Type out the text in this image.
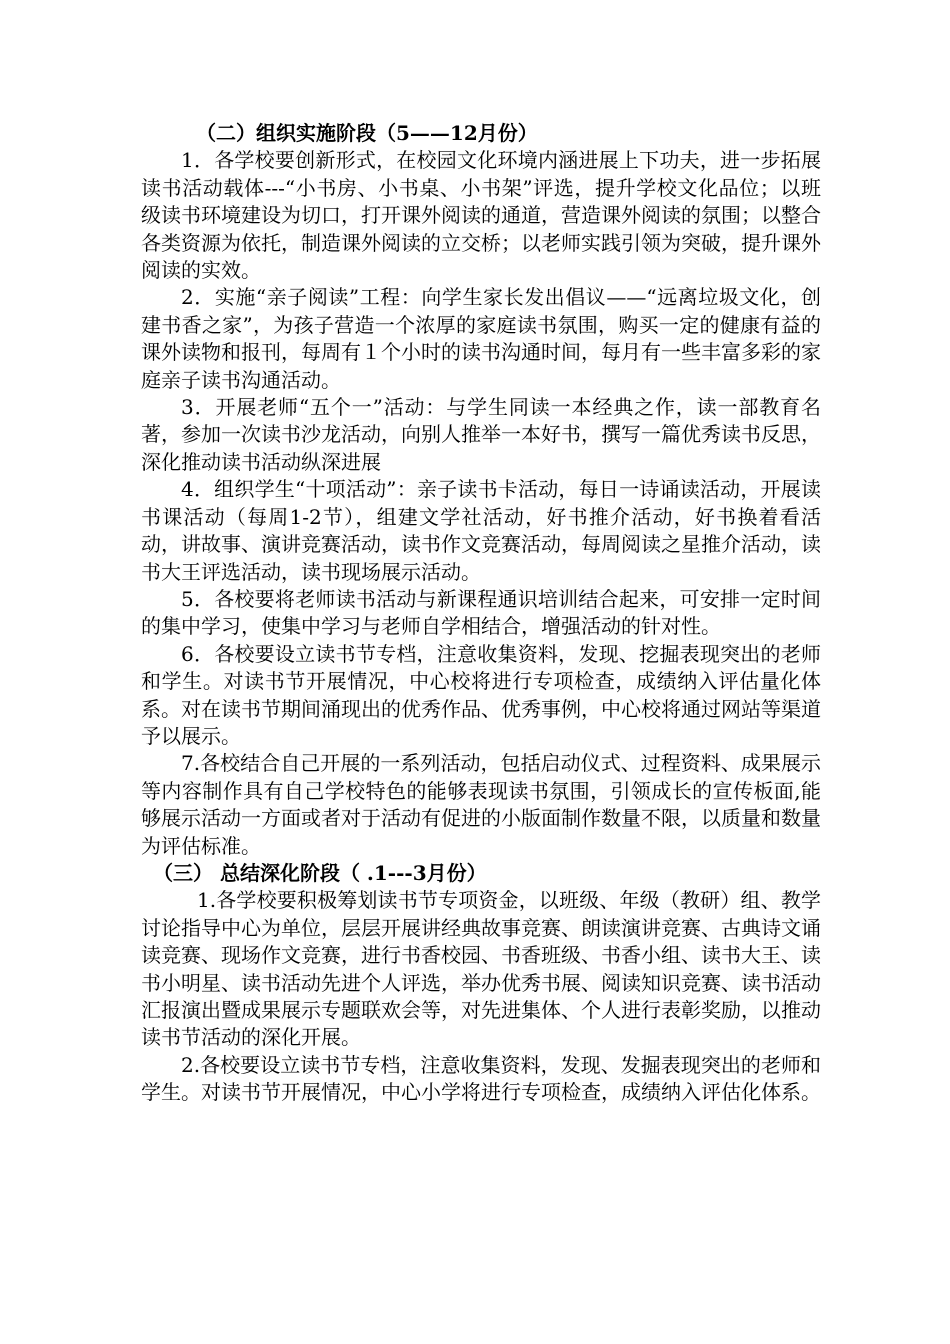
（二）组织实施阶段（5——12月份）

1．各学校要创新形式，在校园文化环境内涵进展上下功夫，进一步拓展读书活动载体---“小书房、小书桌、小书架”评选，提升学校文化品位；以班级读书环境建设为切口，打开课外阅读的通道，营造课外阅读的氛围；以整合各类资源为依托，制造课外阅读的立交桥；以老师实践引领为突破，提升课外阅读的实效。

2．实施“亲子阅读”工程：向学生家长发出倡议——“远离垃圾文化，创建书香之家”，为孩子营造一个浓厚的家庭读书氛围，购买一定的健康有益的课外读物和报刊，每周有１个小时的读书沟通时间，每月有一些丰富多彩的家庭亲子读书沟通活动。

3．开展老师“五个一”活动：与学生同读一本经典之作，读一部教育名著，参加一次读书沙龙活动，向别人推举一本好书，撰写一篇优秀读书反思，深化推动读书活动纵深进展

4．组织学生“十项活动”：亲子读书卡活动，每日一诗诵读活动，开展读书课活动（每周1-2节），组建文学社活动，好书推介活动，好书换着看活动，讲故事、演讲竞赛活动，读书作文竞赛活动，每周阅读之星推介活动，读书大王评选活动，读书现场展示活动。

5．各校要将老师读书活动与新课程通识培训结合起来，可安排一定时间的集中学习，使集中学习与老师自学相结合，增强活动的针对性。

6．各校要设立读书节专档，注意收集资料，发现、挖掘表现突出的老师和学生。对读书节开展情况，中心校将进行专项检查，成绩纳入评估量化体系。对在读书节期间涌现出的优秀作品、优秀事例，中心校将通过网站等渠道予以展示。

7.各校结合自己开展的一系列活动，包括启动仪式、过程资料、成果展示等内容制作具有自己学校特色的能够表现读书氛围，引领成长的宣传板面,能够展示活动一方面或者对于活动有促进的小版面制作数量不限，以质量和数量为评估标准。

（三） 总结深化阶段（ .1---3月份）

1.各学校要积极筹划读书节专项资金，以班级、年级（教研）组、教学讨论指导中心为单位，层层开展讲经典故事竞赛、朗读演讲竞赛、古典诗文诵读竞赛、现场作文竞赛，进行书香校园、书香班级、书香小组、读书大王、读书小明星、读书活动先进个人评选，举办优秀书展、阅读知识竞赛、读书活动汇报演出暨成果展示专题联欢会等，对先进集体、个人进行表彰奖励，以推动读书节活动的深化开展。

2.各校要设立读书节专档，注意收集资料，发现、发掘表现突出的老师和学生。对读书节开展情况，中心小学将进行专项检查，成绩纳入评估化体系。
